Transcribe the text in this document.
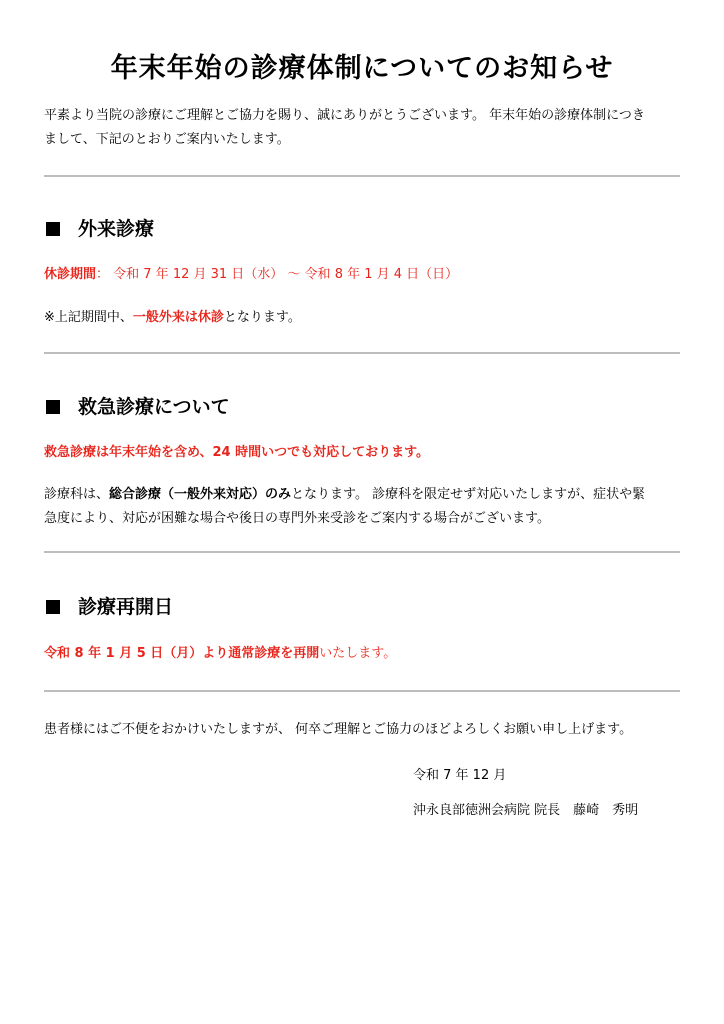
年末年始の診療体制についてのお知らせ
平素より当院の診療にご理解とご協力を賜り、誠にありがとうございます。 年末年始の診療体制につき
まして、下記のとおりご案内いたします。
外来診療
休診期間： 令和 7 年 12 月 31 日（水） ～ 令和 8 年 1 月 4 日（日）
※上記期間中、一般外来は休診となります。
救急診療について
救急診療は年末年始を含め、24 時間いつでも対応しております。
診療科は、総合診療（一般外来対応）のみとなります。 診療科を限定せず対応いたしますが、症状や緊
急度により、対応が困難な場合や後日の専門外来受診をご案内する場合がございます。
診療再開日
令和 8 年 1 月 5 日（月）より通常診療を再開いたします。
患者様にはご不便をおかけいたしますが、 何卒ご理解とご協力のほどよろしくお願い申し上げます。
令和 7 年 12 月
沖永良部徳洲会病院 院長　藤崎　秀明
